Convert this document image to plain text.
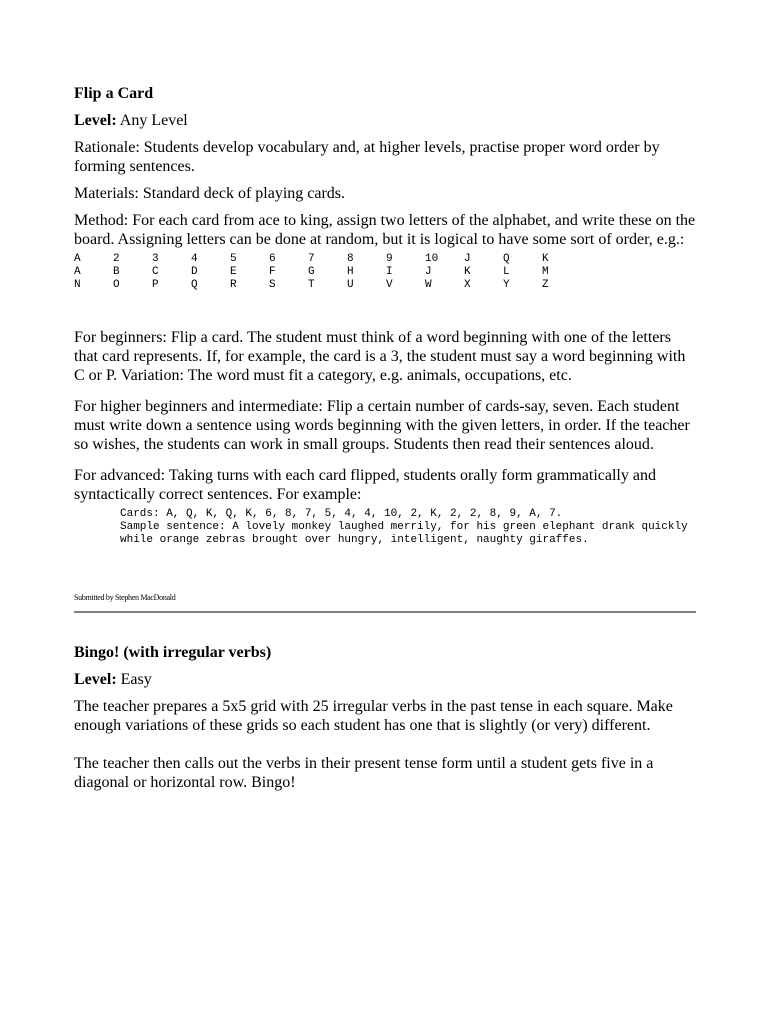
Flip a Card

Level: Any Level

Rationale: Students develop vocabulary and, at higher levels, practise proper word order by forming sentences.

Materials: Standard deck of playing cards.

Method: For each card from ace to king, assign two letters of the alphabet, and write these on the board. Assigning letters can be done at random, but it is logical to have some sort of order, e.g.:

A	2	3	4	5	6	7	8	9	10	J	Q	K
A	B	C	D	E	F	G	H	I	J	K	L	M
N	O	P	Q	R	S	T	U	V	W	X	Y	Z

For beginners: Flip a card. The student must think of a word beginning with one of the letters that card represents. If, for example, the card is a 3, the student must say a word beginning with C or P. Variation: The word must fit a category, e.g. animals, occupations, etc.

For higher beginners and intermediate: Flip a certain number of cards-say, seven. Each student must write down a sentence using words beginning with the given letters, in order. If the teacher so wishes, the students can work in small groups. Students then read their sentences aloud.

For advanced: Taking turns with each card flipped, students orally form grammatically and syntactically correct sentences. For example:

Cards: A, Q, K, Q, K, 6, 8, 7, 5, 4, 4, 10, 2, K, 2, 2, 8, 9, A, 7.
Sample sentence: A lovely monkey laughed merrily, for his green elephant drank quickly while orange zebras brought over hungry, intelligent, naughty giraffes.
Submitted by Stephen MacDonald
Bingo! (with irregular verbs)

Level: Easy

The teacher prepares a 5x5 grid with 25 irregular verbs in the past tense in each square. Make enough variations of these grids so each student has one that is slightly (or very) different.

The teacher then calls out the verbs in their present tense form until a student gets five in a diagonal or horizontal row. Bingo!
